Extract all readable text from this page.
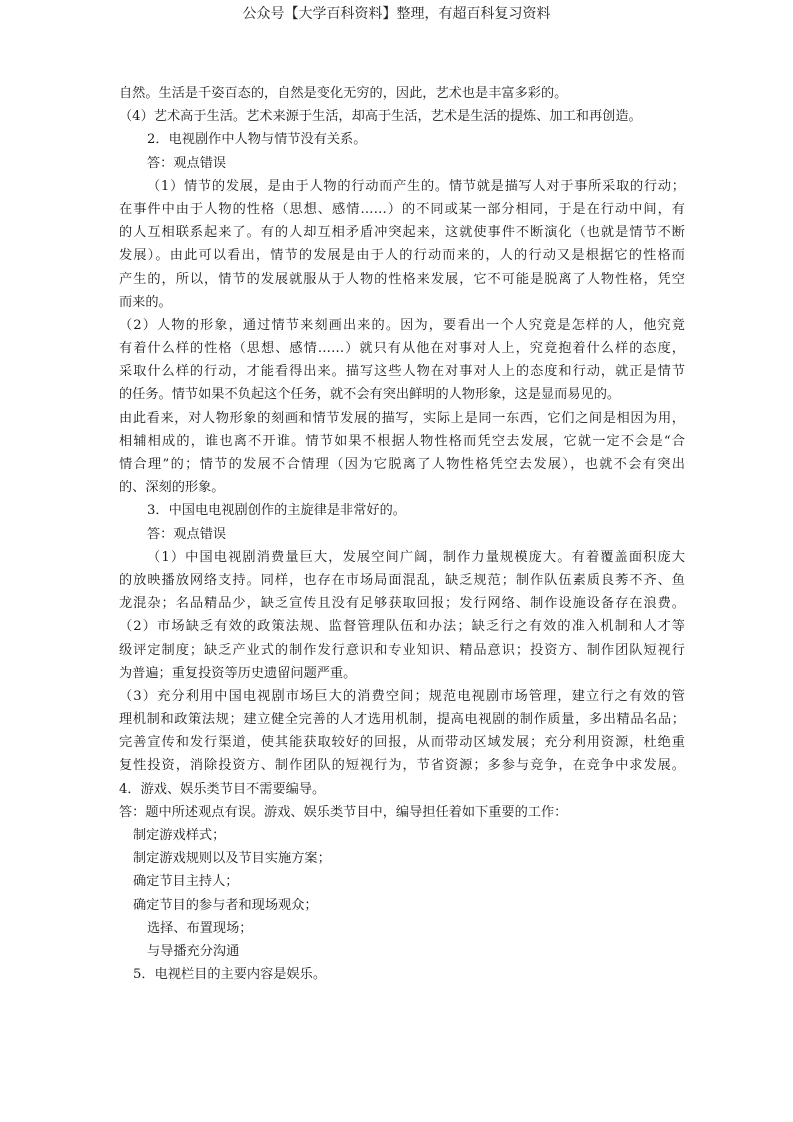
公众号【大学百科资料】整理，有超百科复习资料
自然。生活是千姿百态的，自然是变化无穷的，因此，艺术也是丰富多彩的。
（4）艺术高于生活。艺术来源于生活，却高于生活，艺术是生活的提炼、加工和再创造。
2．电视剧作中人物与情节没有关系。
答：观点错误
（1）情节的发展，是由于人物的行动而产生的。情节就是描写人对于事所采取的行动；
在事件中由于人物的性格（思想、感情……）的不同或某一部分相同，于是在行动中间，有
的人互相联系起来了。有的人却互相矛盾冲突起来，这就使事件不断演化（也就是情节不断
发展）。由此可以看出，情节的发展是由于人的行动而来的，人的行动又是根据它的性格而
产生的，所以，情节的发展就服从于人物的性格来发展，它不可能是脱离了人物性格，凭空
而来的。
（2）人物的形象，通过情节来刻画出来的。因为，要看出一个人究竟是怎样的人，他究竟
有着什么样的性格（思想、感情……）就只有从他在对事对人上，究竟抱着什么样的态度，
采取什么样的行动，才能看得出来。描写这些人物在对事对人上的态度和行动，就正是情节
的任务。情节如果不负起这个任务，就不会有突出鲜明的人物形象，这是显而易见的。
由此看来，对人物形象的刻画和情节发展的描写，实际上是同一东西，它们之间是相因为用，
相辅相成的，谁也离不开谁。情节如果不根据人物性格而凭空去发展，它就一定不会是“合
情合理”的；情节的发展不合情理（因为它脱离了人物性格凭空去发展），也就不会有突出
的、深刻的形象。
3．中国电电视剧创作的主旋律是非常好的。
答：观点错误
（1）中国电视剧消费量巨大，发展空间广阔，制作力量规模庞大。有着覆盖面积庞大
的放映播放网络支持。同样，也存在市场局面混乱，缺乏规范；制作队伍素质良莠不齐、鱼
龙混杂；名品精品少，缺乏宣传且没有足够获取回报；发行网络、制作设施设备存在浪费。
（2）市场缺乏有效的政策法规、监督管理队伍和办法；缺乏行之有效的准入机制和人才等
级评定制度；缺乏产业式的制作发行意识和专业知识、精品意识；投资方、制作团队短视行
为普遍；重复投资等历史遗留问题严重。
（3）充分利用中国电视剧市场巨大的消费空间；规范电视剧市场管理，建立行之有效的管
理机制和政策法规；建立健全完善的人才选用机制，提高电视剧的制作质量，多出精品名品；
完善宣传和发行渠道，使其能获取较好的回报，从而带动区域发展；充分利用资源，杜绝重
复性投资，消除投资方、制作团队的短视行为，节省资源；多参与竞争，在竞争中求发展。
4．游戏、娱乐类节目不需要编导。
答：题中所述观点有误。游戏、娱乐类节目中，编导担任着如下重要的工作：
制定游戏样式；
制定游戏规则以及节目实施方案；
确定节目主持人；
确定节目的参与者和现场观众；
选择、布置现场；
与导播充分沟通
5．电视栏目的主要内容是娱乐。
